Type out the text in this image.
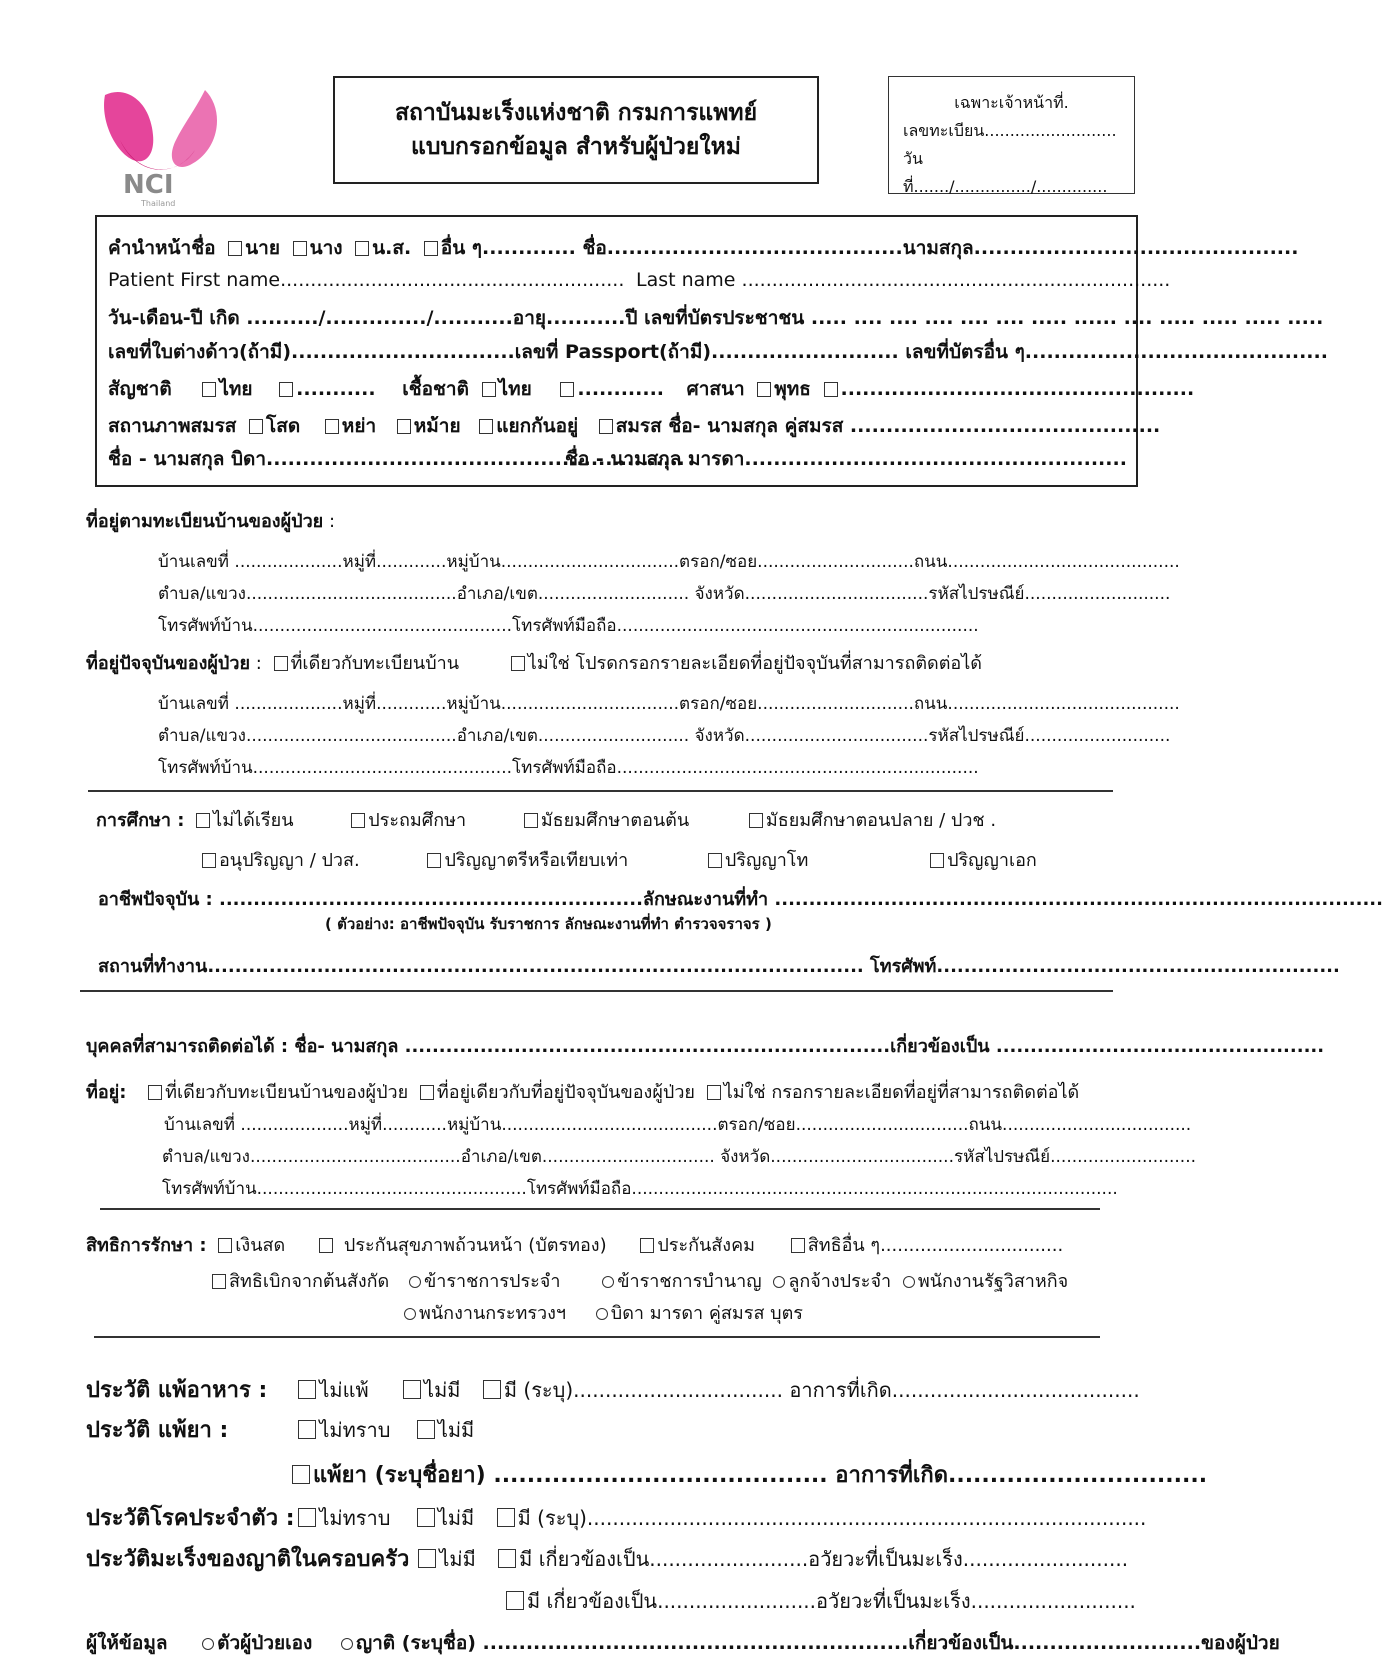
NCI
Thailand
สถาบันมะเร็งแห่งชาติ กรมการแพทย์
แบบกรอกข้อมูล สำหรับผู้ป่วยใหม่
เฉพาะเจ้าหน้าที่.
เลขทะเบียน..........................
วันที่......./.............../..............
คำนำหน้าชื่อ นาย นาง น.ส. อื่น ๆ............. ชื่อ.........................................นามสกุล.............................................
Patient First name......................................................... Last name .......................................................................
วัน-เดือน-ปี เกิด ........../............../...........อายุ...........ปี เลขที่บัตรประชาชน ..... .... .... .... .... .... ..... ...... .... ..... ..... ..... .....
เลขที่ใบต่างด้าว(ถ้ามี)...............................เลขที่ Passport(ถ้ามี).......................... เลขที่บัตรอื่น ๆ..........................................
สัญชาติ	ไทย ........... เชื้อชาติ ไทย ............ ศาสนา พุทธ .................................................
สถานภาพสมรส โสด หย่า หม้าย แยกกันอยู่ สมรส ชื่อ- นามสกุล คู่สมรส ...........................................
ชื่อ - นามสกุล บิดา..........................................................
ชื่อ - นามสกุล มารดา.....................................................
ที่อยู่ตามทะเบียนบ้านของผู้ป่วย :
บ้านเลขที่ ....................หมู่ที่.............หมู่บ้าน.................................ตรอก/ซอย.............................ถนน...........................................
ตำบล/แขวง.......................................อำเภอ/เขต............................ จังหวัด..................................รหัสไปรษณีย์...........................
โทรศัพท์บ้าน................................................โทรศัพท์มือถือ...................................................................
ที่อยู่ปัจจุบันของผู้ป่วย : ที่เดียวกับทะเบียนบ้าน	ไม่ใช่ โปรดกรอกรายละเอียดที่อยู่ปัจจุบันที่สามารถติดต่อได้
บ้านเลขที่ ....................หมู่ที่.............หมู่บ้าน.................................ตรอก/ซอย.............................ถนน...........................................
ตำบล/แขวง.......................................อำเภอ/เขต............................ จังหวัด..................................รหัสไปรษณีย์...........................
โทรศัพท์บ้าน................................................โทรศัพท์มือถือ...................................................................
การศึกษา : ไม่ได้เรียน	ประถมศึกษา	มัธยมศึกษาตอนต้น	มัธยมศึกษาตอนปลาย / ปวช .
อนุปริญญา / ปวส.	ปริญญาตรีหรือเทียบเท่า	ปริญญาโท	ปริญญาเอก
อาชีพปัจจุบัน : ..............................................................ลักษณะงานที่ทำ .........................................................................................
( ตัวอย่าง: อาชีพปัจจุบัน รับราชการ ลักษณะงานที่ทำ ตำรวจจราจร )
สถานที่ทำงาน................................................................................................ โทรศัพท์...........................................................
บุคคลที่สามารถติดต่อได้ : ชื่อ- นามสกุล .......................................................................เกี่ยวข้องเป็น ................................................
ที่อยู่: ที่เดียวกับทะเบียนบ้านของผู้ป่วย ที่อยู่เดียวกับที่อยู่ปัจจุบันของผู้ป่วย ไม่ใช่ กรอกรายละเอียดที่อยู่ที่สามารถติดต่อได้
บ้านเลขที่ ....................หมู่ที่............หมู่บ้าน........................................ตรอก/ซอย................................ถนน...................................
ตำบล/แขวง.......................................อำเภอ/เขต................................ จังหวัด..................................รหัสไปรษณีย์...........................
โทรศัพท์บ้าน..................................................โทรศัพท์มือถือ..........................................................................................
สิทธิการรักษา : เงินสด	ประกันสุขภาพถ้วนหน้า (บัตรทอง)	ประกันสังคม	สิทธิอื่น ๆ................................
สิทธิเบิกจากต้นสังกัด ข้าราชการประจำ	ข้าราชการบำนาญ ลูกจ้างประจำ พนักงานรัฐวิสาหกิจ
พนักงานกระทรวงฯ บิดา มารดา คู่สมรส บุตร
ประวัติ แพ้อาหาร :	ไม่แพ้	ไม่มี มี (ระบุ)................................. อาการที่เกิด.......................................
ประวัติ แพ้ยา :	ไม่ทราบ ไม่มี
แพ้ยา (ระบุชื่อยา) ........................................ อาการที่เกิด...............................
ประวัติโรคประจำตัว : ไม่ทราบ ไม่มี มี (ระบุ)........................................................................................
ประวัติมะเร็งของญาติในครอบครัว ไม่มี มี เกี่ยวข้องเป็น.........................อวัยวะที่เป็นมะเร็ง..........................
มี เกี่ยวข้องเป็น.........................อวัยวะที่เป็นมะเร็ง..........................
ผู้ให้ข้อมูล	ตัวผู้ป่วยเอง ญาติ (ระบุชื่อ) ...........................................................เกี่ยวข้องเป็น..........................ของผู้ป่วย
